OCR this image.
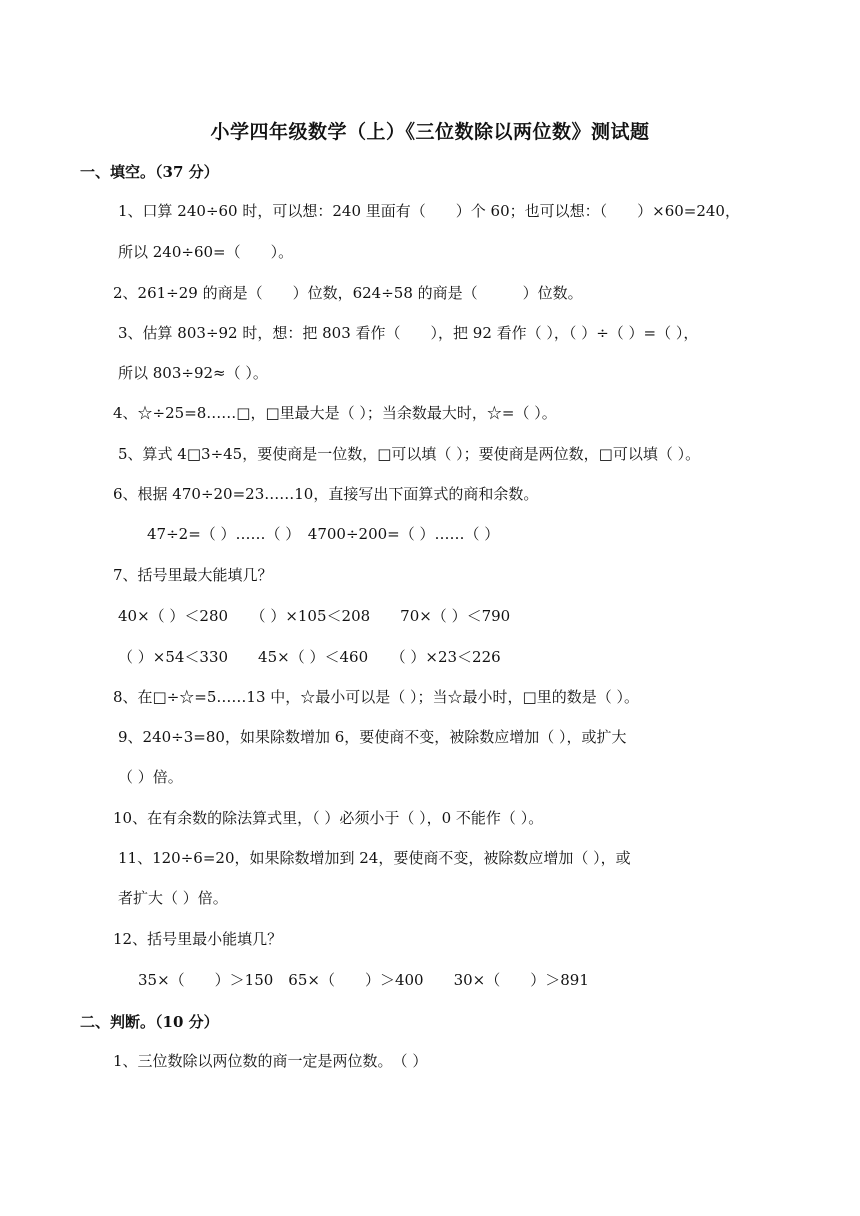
小学四年级数学（上）《三位数除以两位数》测试题
一、填空。（37 分）
1、口算 240÷60 时，可以想：240 里面有（　　）个 60；也可以想：（　　）×60=240，
所以 240÷60=（　　）。
2、261÷29 的商是（　　）位数，624÷58 的商是（　　　）位数。
3、估算 803÷92 时，想：把 803 看作（　　），把 92 看作（ ），（ ）÷（ ）=（ ），
所以 803÷92≈（ ）。
4、☆÷25=8……□，□里最大是（ ）；当余数最大时，☆=（ ）。
5、算式 4□3÷45，要使商是一位数，□可以填（ ）；要使商是两位数，□可以填（ ）。
6、根据 470÷20=23……10，直接写出下面算式的商和余数。
47÷2=（ ）……（ ）　4700÷200=（ ）……（ ）
7、括号里最大能填几？
40×（ ）＜280　　（ ）×105＜208　　70×（ ）＜790
（ ）×54＜330　　45×（ ）＜460　　（ ）×23＜226
8、在□÷☆=5……13 中，☆最小可以是（ ）；当☆最小时，□里的数是（ ）。
9、240÷3=80，如果除数增加 6，要使商不变，被除数应增加（ ），或扩大
（ ）倍。
10、在有余数的除法算式里，（ ）必须小于（ ），0 不能作（ ）。
11、120÷6=20，如果除数增加到 24，要使商不变，被除数应增加（ ），或
者扩大（ ）倍。
12、括号里最小能填几？
35×（　　）＞150　65×（　　）＞400　　30×（　　）＞891
二、判断。（10 分）
1、三位数除以两位数的商一定是两位数。　（ ）
